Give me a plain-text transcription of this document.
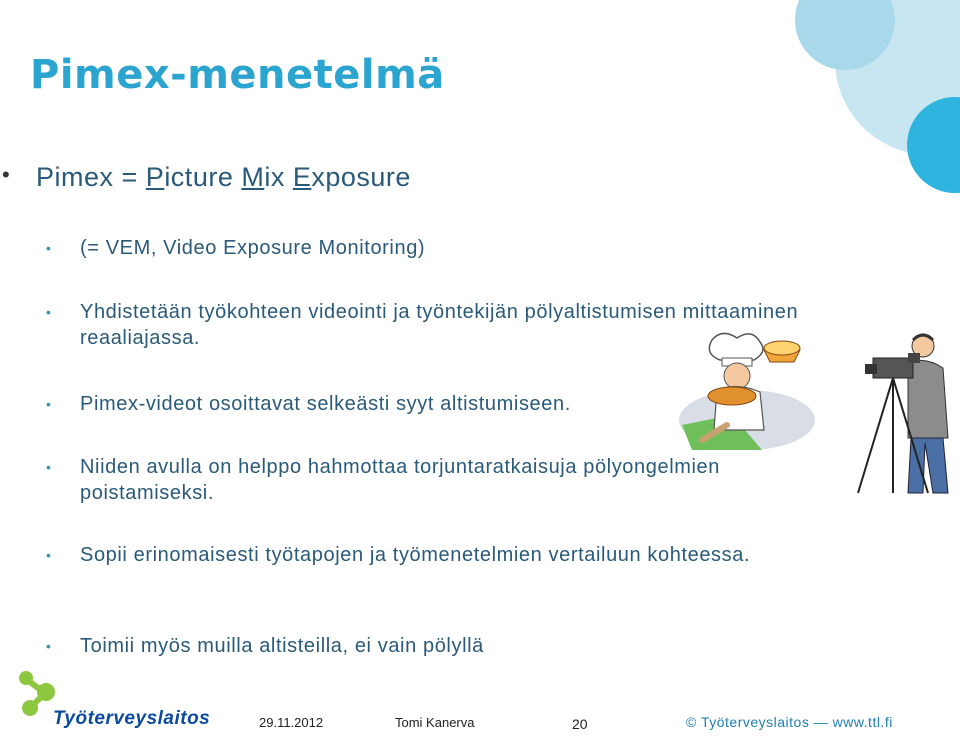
Pimex-menetelmä
• Pimex = Picture Mix Exposure
• (= VEM, Video Exposure Monitoring)
• Yhdistetään työkohteen videointi ja työntekijän pölyaltistumisen mittaaminen reaaliajassa.
• Pimex-videot osoittavat selkeästi syyt altistumiseen.
• Niiden avulla on helppo hahmottaa torjuntaratkaisuja pölyongelmien poistamiseksi.
• Sopii erinomaisesti työtapojen ja työmenetelmien vertailuun kohteessa.
• Toimii myös muilla altisteilla, ei vain pölyllä
Työterveyslaitos	29.11.2012	Tomi Kanerva	20	© Työterveyslaitos — www.ttl.fi
